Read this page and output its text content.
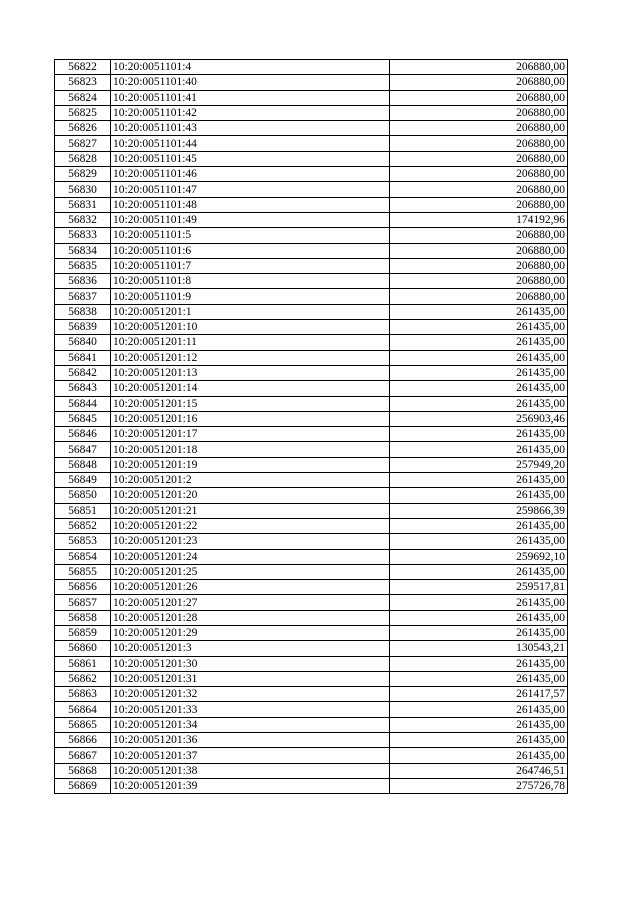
56822	10:20:0051101:4	206880,00
56823	10:20:0051101:40	206880,00
56824	10:20:0051101:41	206880,00
56825	10:20:0051101:42	206880,00
56826	10:20:0051101:43	206880,00
56827	10:20:0051101:44	206880,00
56828	10:20:0051101:45	206880,00
56829	10:20:0051101:46	206880,00
56830	10:20:0051101:47	206880,00
56831	10:20:0051101:48	206880,00
56832	10:20:0051101:49	174192,96
56833	10:20:0051101:5	206880,00
56834	10:20:0051101:6	206880,00
56835	10:20:0051101:7	206880,00
56836	10:20:0051101:8	206880,00
56837	10:20:0051101:9	206880,00
56838	10:20:0051201:1	261435,00
56839	10:20:0051201:10	261435,00
56840	10:20:0051201:11	261435,00
56841	10:20:0051201:12	261435,00
56842	10:20:0051201:13	261435,00
56843	10:20:0051201:14	261435,00
56844	10:20:0051201:15	261435,00
56845	10:20:0051201:16	256903,46
56846	10:20:0051201:17	261435,00
56847	10:20:0051201:18	261435,00
56848	10:20:0051201:19	257949,20
56849	10:20:0051201:2	261435,00
56850	10:20:0051201:20	261435,00
56851	10:20:0051201:21	259866,39
56852	10:20:0051201:22	261435,00
56853	10:20:0051201:23	261435,00
56854	10:20:0051201:24	259692,10
56855	10:20:0051201:25	261435,00
56856	10:20:0051201:26	259517,81
56857	10:20:0051201:27	261435,00
56858	10:20:0051201:28	261435,00
56859	10:20:0051201:29	261435,00
56860	10:20:0051201:3	130543,21
56861	10:20:0051201:30	261435,00
56862	10:20:0051201:31	261435,00
56863	10:20:0051201:32	261417,57
56864	10:20:0051201:33	261435,00
56865	10:20:0051201:34	261435,00
56866	10:20:0051201:36	261435,00
56867	10:20:0051201:37	261435,00
56868	10:20:0051201:38	264746,51
56869	10:20:0051201:39	275726,78
